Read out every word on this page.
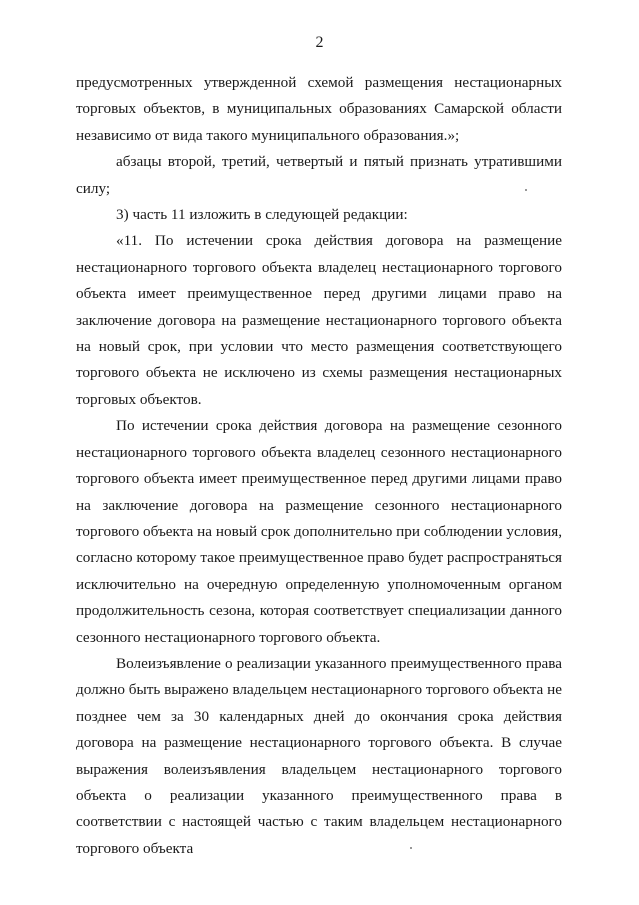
2

предусмотренных утвержденной схемой размещения нестационарных торговых объектов, в муниципальных образованиях Самарской области независимо от вида такого муниципального образования.»;

абзацы второй, третий, четвертый и пятый признать утратившими силу;

3) часть 11 изложить в следующей редакции:

«11. По истечении срока действия договора на размещение нестационарного торгового объекта владелец нестационарного торгового объекта имеет преимущественное перед другими лицами право на заключение договора на размещение нестационарного торгового объекта на новый срок, при условии что место размещения соответствующего торгового объекта не исключено из схемы размещения нестационарных торговых объектов.

По истечении срока действия договора на размещение сезонного нестационарного торгового объекта владелец сезонного нестационарного торгового объекта имеет преимущественное перед другими лицами право на заключение договора на размещение сезонного нестационарного торгового объекта на новый срок дополнительно при соблюдении условия, согласно которому такое преимущественное право будет распространяться исключительно на очередную определенную уполномоченным органом продолжительность сезона, которая соответствует специализации данного сезонного нестационарного торгового объекта.

Волеизъявление о реализации указанного преимущественного права должно быть выражено владельцем нестационарного торгового объекта не позднее чем за 30 календарных дней до окончания срока действия договора на размещение нестационарного торгового объекта. В случае выражения волеизъявления владельцем нестационарного торгового объекта о реализации указанного преимущественного права в соответствии с настоящей частью с таким владельцем нестационарного торгового объекта
